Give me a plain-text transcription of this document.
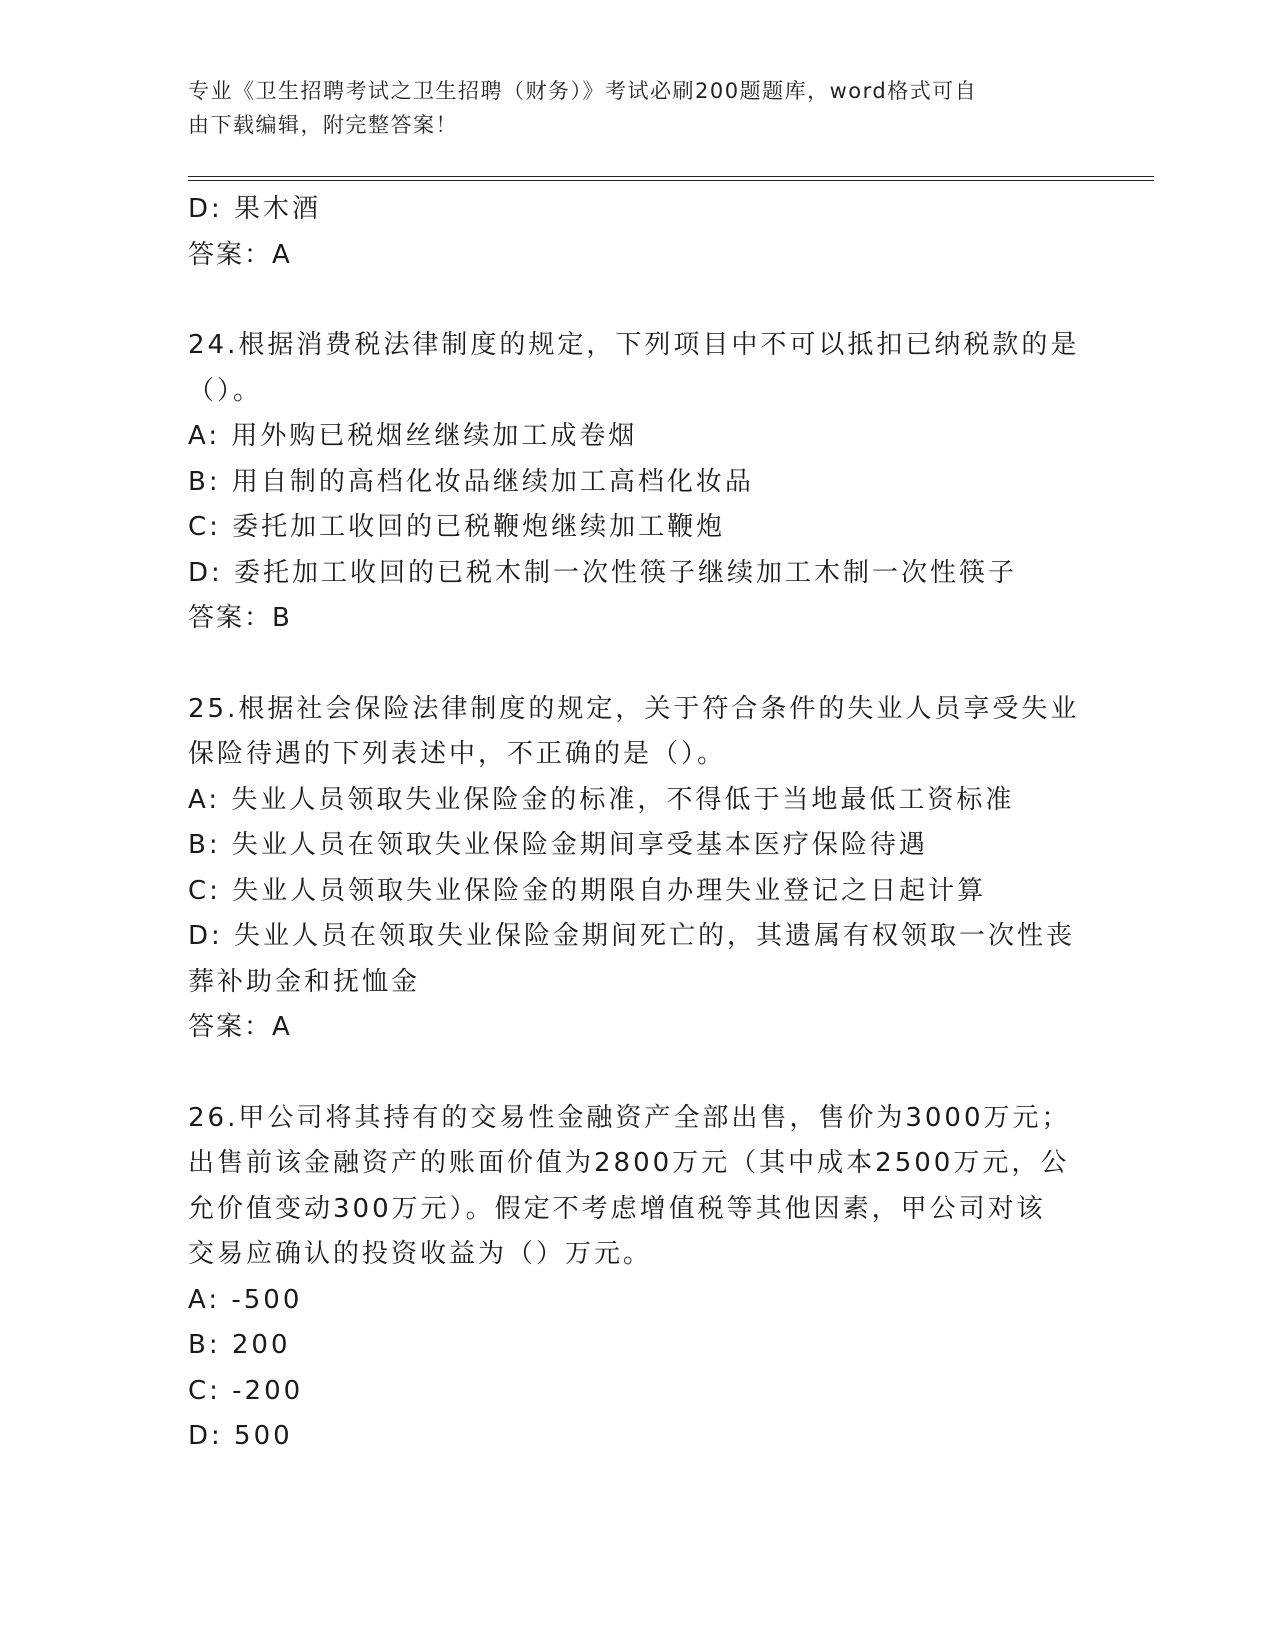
专业《卫生招聘考试之卫生招聘（财务）》考试必刷200题题库，word格式可自
由下载编辑，附完整答案！
D: 果木酒
答案：A
24.根据消费税法律制度的规定，下列项目中不可以抵扣已纳税款的是
（）。
A: 用外购已税烟丝继续加工成卷烟
B: 用自制的高档化妆品继续加工高档化妆品
C: 委托加工收回的已税鞭炮继续加工鞭炮
D: 委托加工收回的已税木制一次性筷子继续加工木制一次性筷子
答案：B
25.根据社会保险法律制度的规定，关于符合条件的失业人员享受失业
保险待遇的下列表述中，不正确的是（）。
A: 失业人员领取失业保险金的标准，不得低于当地最低工资标准
B: 失业人员在领取失业保险金期间享受基本医疗保险待遇
C: 失业人员领取失业保险金的期限自办理失业登记之日起计算
D: 失业人员在领取失业保险金期间死亡的，其遗属有权领取一次性丧
葬补助金和抚恤金
答案：A
26.甲公司将其持有的交易性金融资产全部出售，售价为3000万元；
出售前该金融资产的账面价值为2800万元（其中成本2500万元，公
允价值变动300万元）。假定不考虑增值税等其他因素，甲公司对该
交易应确认的投资收益为（）万元。
A: -500
B: 200
C: -200
D: 500
